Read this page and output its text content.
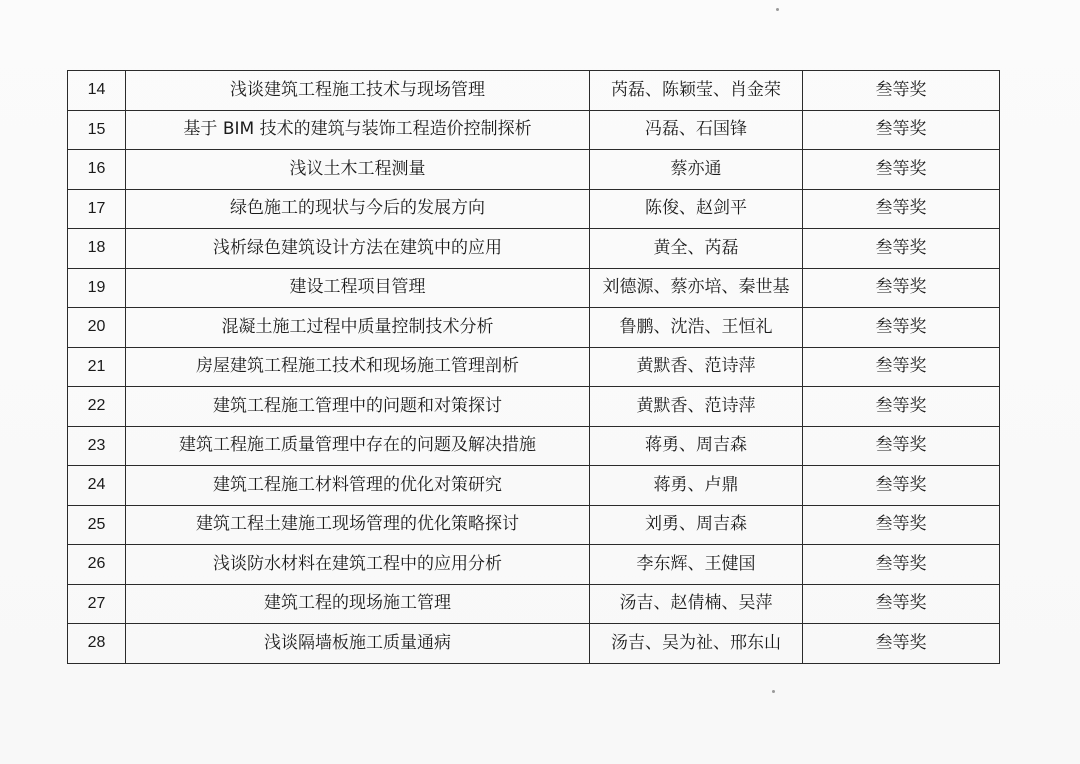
14	浅谈建筑工程施工技术与现场管理	芮磊、陈颖莹、肖金荣	叁等奖
15	基于 BIM 技术的建筑与装饰工程造价控制探析	冯磊、石国锋	叁等奖
16	浅议土木工程测量	蔡亦通	叁等奖
17	绿色施工的现状与今后的发展方向	陈俊、赵剑平	叁等奖
18	浅析绿色建筑设计方法在建筑中的应用	黄全、芮磊	叁等奖
19	建设工程项目管理	刘德源、蔡亦培、秦世基	叁等奖
20	混凝土施工过程中质量控制技术分析	鲁鹏、沈浩、王恒礼	叁等奖
21	房屋建筑工程施工技术和现场施工管理剖析	黄默香、范诗萍	叁等奖
22	建筑工程施工管理中的问题和对策探讨	黄默香、范诗萍	叁等奖
23	建筑工程施工质量管理中存在的问题及解决措施	蒋勇、周吉森	叁等奖
24	建筑工程施工材料管理的优化对策研究	蒋勇、卢鼎	叁等奖
25	建筑工程土建施工现场管理的优化策略探讨	刘勇、周吉森	叁等奖
26	浅谈防水材料在建筑工程中的应用分析	李东辉、王健国	叁等奖
27	建筑工程的现场施工管理	汤吉、赵倩楠、吴萍	叁等奖
28	浅谈隔墙板施工质量通病	汤吉、吴为祉、邢东山	叁等奖
